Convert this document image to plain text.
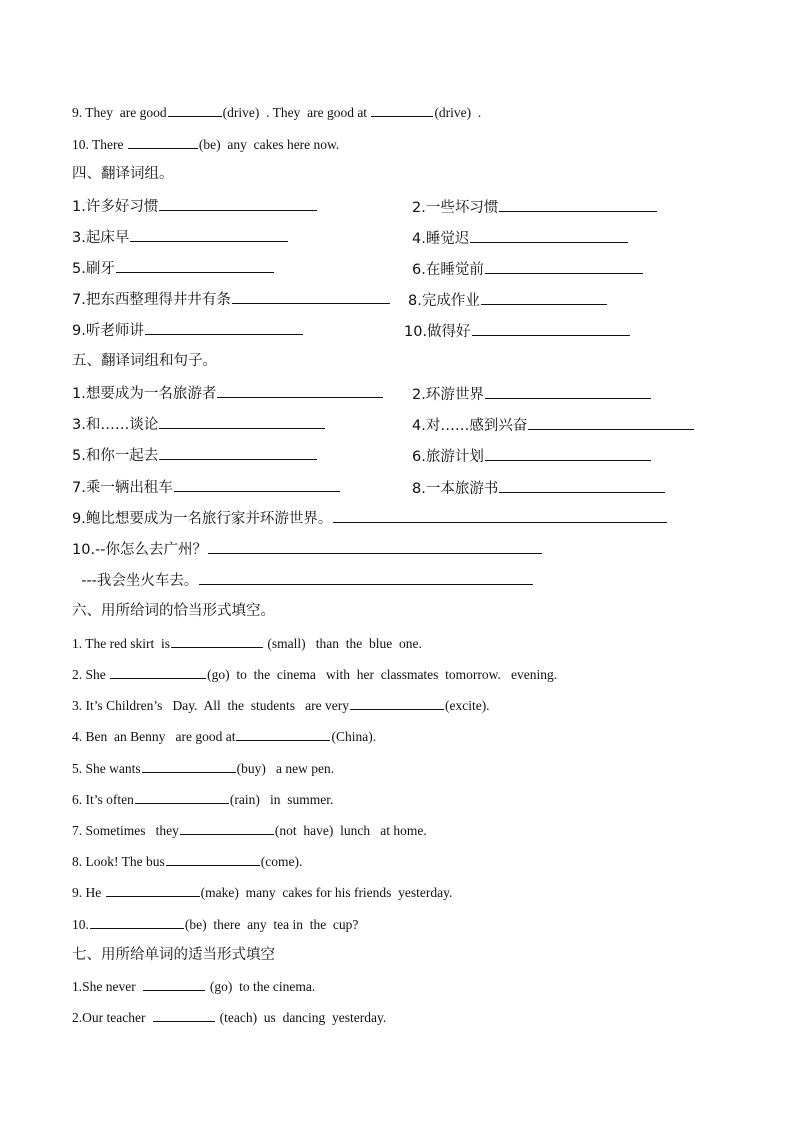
9. They  are good	(drive)  . They  are good at	(drive)  .
10. There	(be)  any  cakes here now.
四、翻译词组。
1.许多好习惯	2.一些坏习惯
3.起床早	4.睡觉迟
5.刷牙	6.在睡觉前
7.把东西整理得井井有条	8.完成作业
9.听老师讲	10.做得好
五、翻译词组和句子。
1.想要成为一名旅游者	2.环游世界
3.和……谈论	4.对……感到兴奋
5.和你一起去	6.旅游计划
7.乘一辆出租车	8.一本旅游书
9.鲍比想要成为一名旅行家并环游世界。
10.--你怎么去广州？
---我会坐火车去。
六、用所给词的恰当形式填空。
1. The red skirt  is	(small)   than  the  blue  one.
2. She	(go)  to  the  cinema   with  her  classmates  tomorrow.   evening.
3. It’s Children’s   Day.  All  the  students   are very	(excite).
4. Ben  an Benny   are good at	(China).
5. She wants	(buy)   a new pen.
6. It’s often	(rain)   in  summer.
7. Sometimes   they	(not  have)  lunch   at home.
8. Look! The bus	(come).
9. He	(make)  many  cakes for his friends  yesterday.
10.	(be)  there  any  tea in  the  cup?
七、用所给单词的适当形式填空
1.She never	(go)  to the cinema.
2.Our teacher	(teach)  us  dancing  yesterday.
